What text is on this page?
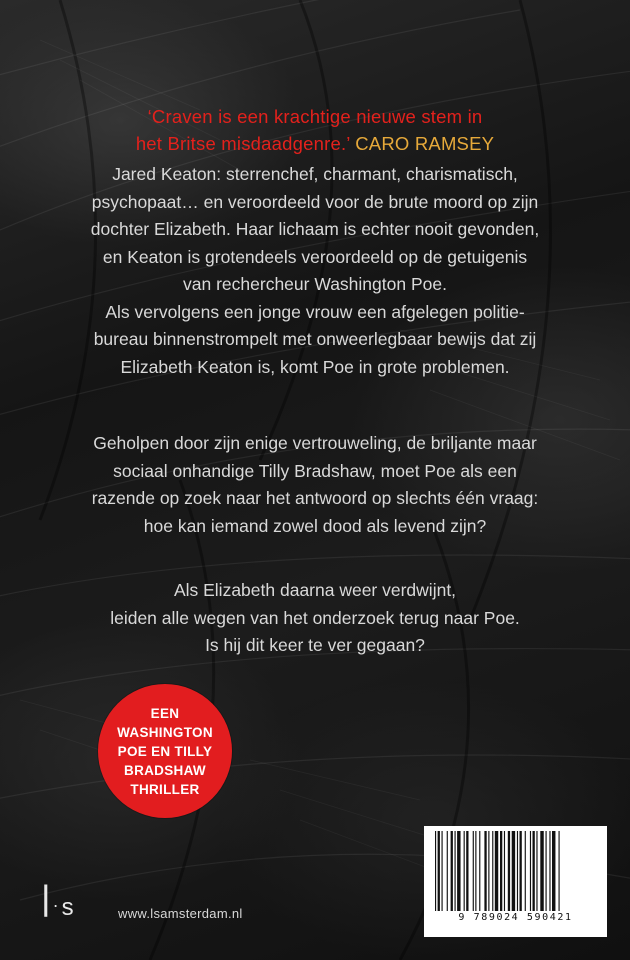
‘Craven is een krachtige nieuwe stem in
het Britse misdaadgenre.’ CARO RAMSEY
Jared Keaton: sterrenchef, charmant, charismatisch,
psychopaat… en veroordeeld voor de brute moord op zijn
dochter Elizabeth. Haar lichaam is echter nooit gevonden,
en Keaton is grotendeels veroordeeld op de getuigenis
van rechercheur Washington Poe.
Als vervolgens een jonge vrouw een afgelegen politie-
bureau binnenstrompelt met onweerlegbaar bewijs dat zij
Elizabeth Keaton is, komt Poe in grote problemen.
Geholpen door zijn enige vertrouweling, de briljante maar
sociaal onhandige Tilly Bradshaw, moet Poe als een
razende op zoek naar het antwoord op slechts één vraag:
hoe kan iemand zowel dood als levend zijn?
Als Elizabeth daarna weer verdwijnt,
leiden alle wegen van het onderzoek terug naar Poe.
Is hij dit keer te ver gegaan?
EEN
WASHINGTON
POE EN TILLY
BRADSHAW
THRILLER
9 789024 590421
l · s	www.lsamsterdam.nl
